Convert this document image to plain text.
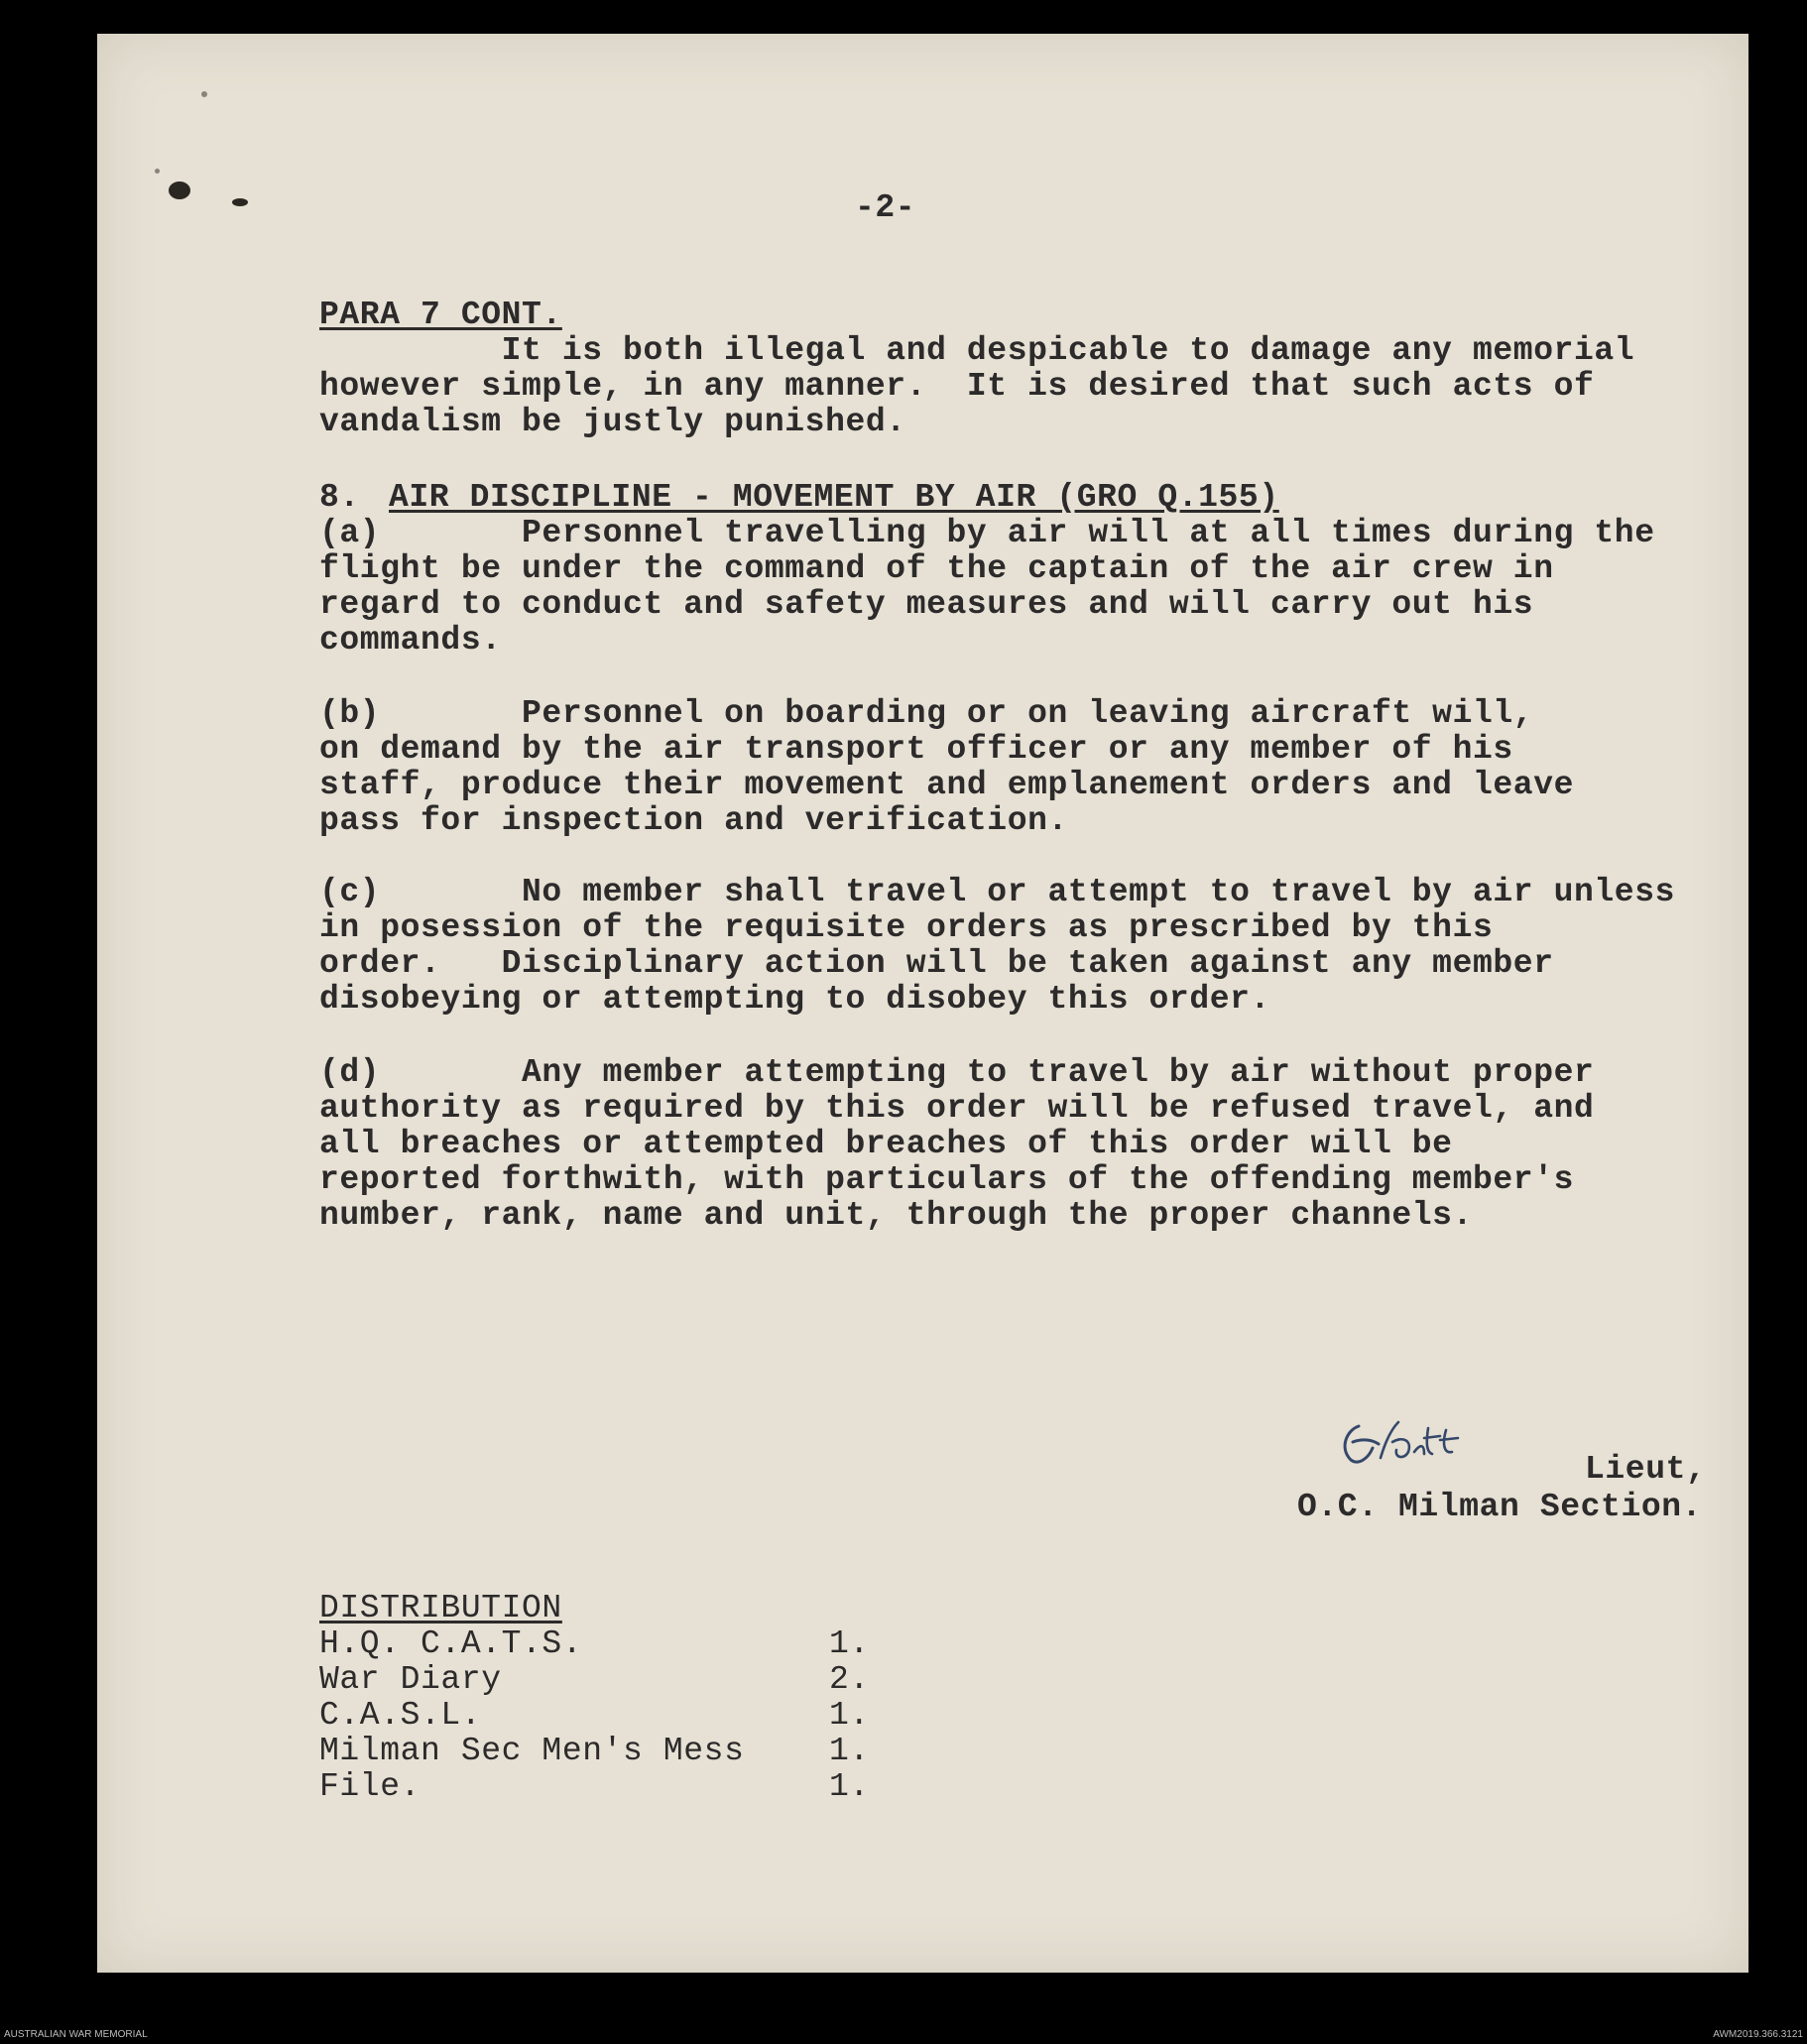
-2-
PARA 7 CONT.
It is both illegal and despicable to damage any memorial
however simple, in any manner.  It is desired that such acts of
vandalism be justly punished.
8. AIR DISCIPLINE - MOVEMENT BY AIR (GRO Q.155)
(a)       Personnel travelling by air will at all times during the
flight be under the command of the captain of the air crew in
regard to conduct and safety measures and will carry out his
commands.
(b)       Personnel on boarding or on leaving aircraft will,
on demand by the air transport officer or any member of his
staff, produce their movement and emplanement orders and leave
pass for inspection and verification.
(c)       No member shall travel or attempt to travel by air unless
in posession of the requisite orders as prescribed by this
order.   Disciplinary action will be taken against any member
disobeying or attempting to disobey this order.
(d)       Any member attempting to travel by air without proper
authority as required by this order will be refused travel, and
all breaches or attempted breaches of this order will be
reported forthwith, with particulars of the offending member's
number, rank, name and unit, through the proper channels.
Lieut,
O.C. Milman Section.
DISTRIBUTION
H.Q. C.A.T.S.	1.
War Diary	2.
C.A.S.L.	1.
Milman Sec Men's Mess	1.
File.	1.
AUSTRALIAN WAR MEMORIAL	AWM2019.366.3121
